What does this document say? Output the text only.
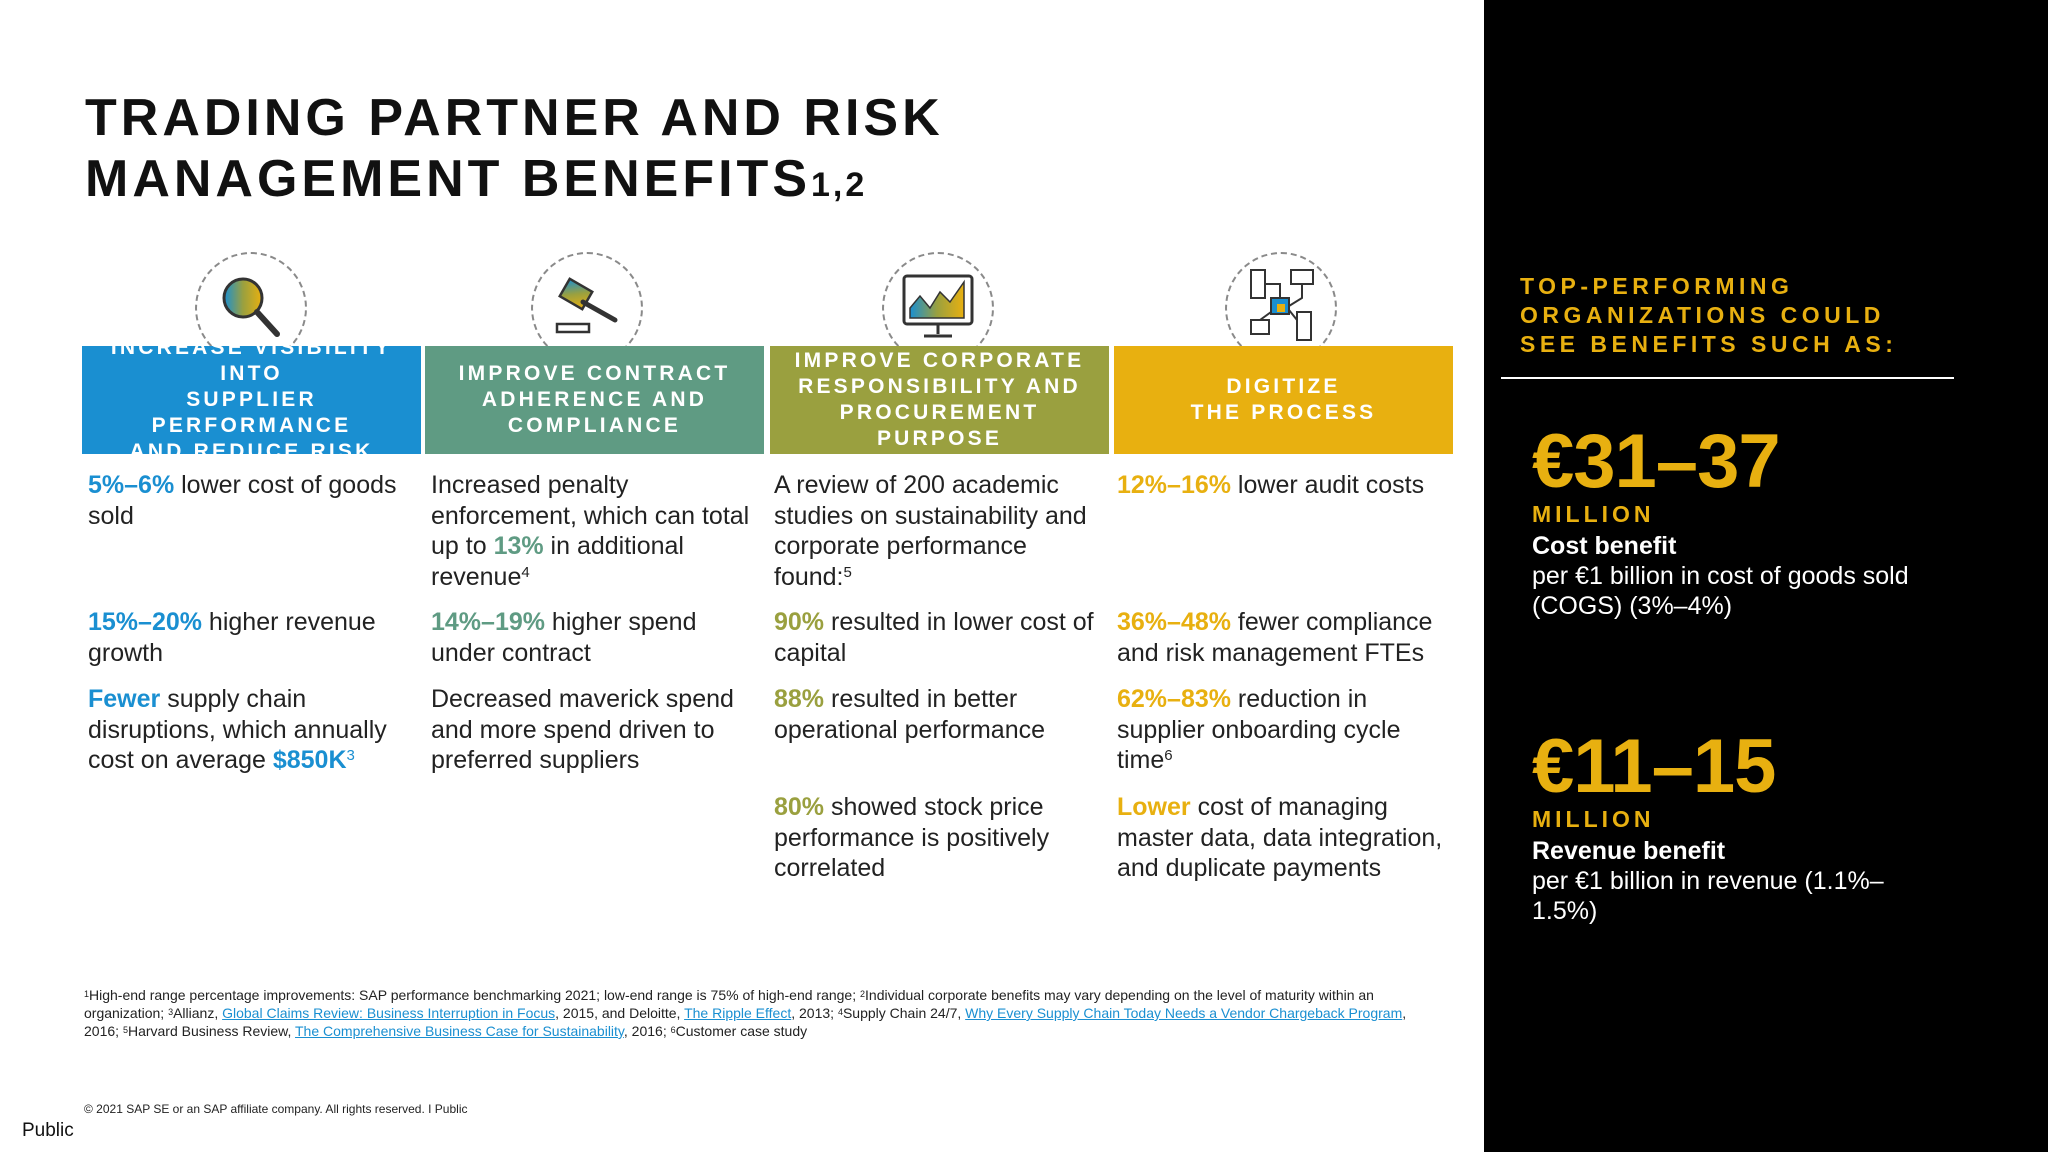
TRADING PARTNER AND RISK
MANAGEMENT BENEFITS1,2
INCREASE VISIBILITY INTO
SUPPLIER PERFORMANCE
AND REDUCE RISK
IMPROVE CONTRACT
ADHERENCE AND
COMPLIANCE
IMPROVE CORPORATE
RESPONSIBILITY AND
PROCUREMENT PURPOSE
DIGITIZE
THE PROCESS

5%–6% lower cost of goods sold

15%–20% higher revenue growth

Fewer supply chain disruptions, which annually cost on average $\$850K^3$

Increased penalty enforcement, which can total up to 13% in additional revenue$^4$

14%–19% higher spend under contract

Decreased maverick spend and more spend driven to preferred suppliers

A review of 200 academic studies on sustainability and corporate performance found:$^5$

90% resulted in lower cost of capital

88% resulted in better operational performance

80% showed stock price performance is positively correlated

12%–16% lower audit costs

36%–48% fewer compliance and risk management FTEs

62%–83% reduction in supplier onboarding cycle time$^6$

Lower cost of managing master data, data integration, and duplicate payments

$^1$High-end range percentage improvements: SAP performance benchmarking 2021; low-end range is 75% of high-end range; $^2$Individual corporate benefits may vary depending on the level of maturity within an organization; $^3$Allianz, Global Claims Review: Business Interruption in Focus, 2015, and Deloitte, The Ripple Effect, 2013; $^4$Supply Chain 24/7, Why Every Supply Chain Today Needs a Vendor Chargeback Program, 2016; $^5$Harvard Business Review, The Comprehensive Business Case for Sustainability, 2016; $^6$Customer case study
© 2021 SAP SE or an SAP affiliate company. All rights reserved. I Public
Public
TOP-PERFORMING
ORGANIZATIONS COULD
SEE BENEFITS SUCH AS:
€31–37
MILLION
Cost benefit
per €1 billion in cost of goods sold (COGS) (3%–4%)
€11–15
MILLION
Revenue benefit
per €1 billion in revenue (1.1%–1.5%)
